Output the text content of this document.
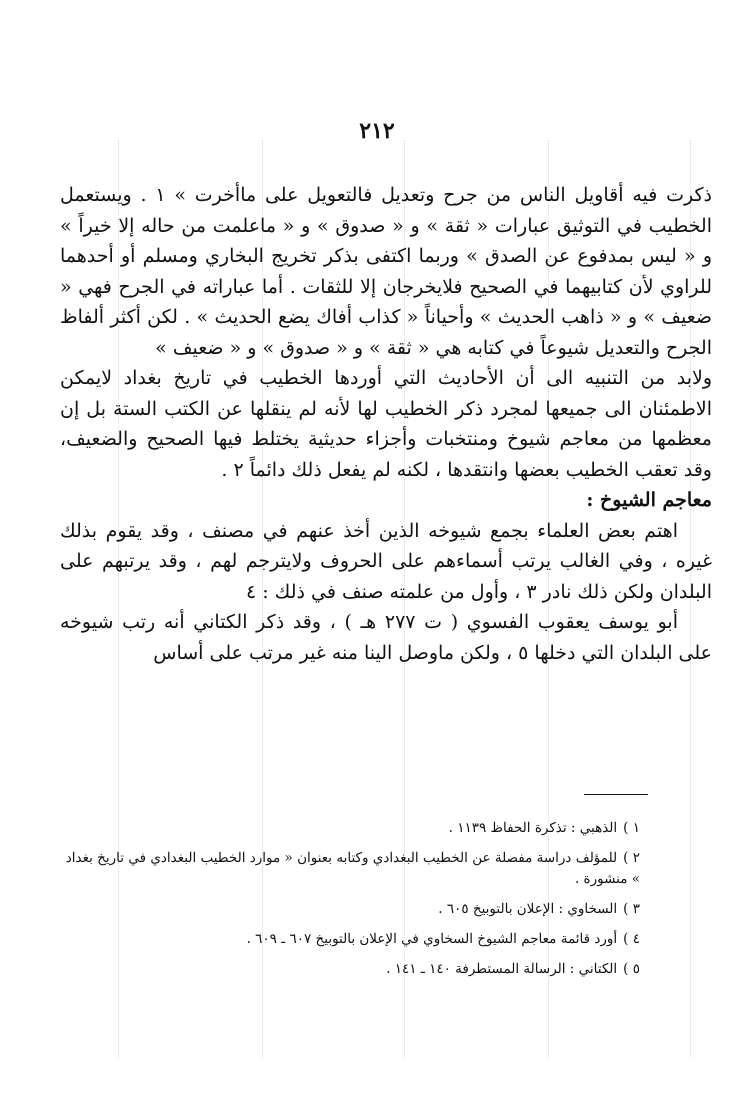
٢١٢

ذكرت فيه أقاويل الناس من جرح وتعديل فالتعويل على ماأخرت » ١ . ويستعمل الخطيب في التوثيق عبارات « ثقة » و « صدوق » و « ماعلمت من حاله إلا خيراً » و « ليس بمدفوع عن الصدق » وربما اكتفى بذكر تخريج البخاري ومسلم أو أحدهما للراوي لأن كتابيهما في الصحيح فلايخرجان إلا للثقات . أما عباراته في الجرح فهي « ضعيف » و « ذاهب الحديث » وأحياناً « كذاب أفاك يضع الحديث » . لكن أكثر ألفاظ الجرح والتعديل شيوعاً في كتابه هي « ثقة » و « صدوق » و « ضعيف »

ولابد من التنبيه الى أن الأحاديث التي أوردها الخطيب في تاريخ بغداد لايمكن الاطمئنان الى جميعها لمجرد ذكر الخطيب لها لأنه لم ينقلها عن الكتب الستة بل إن معظمها من معاجم شيوخ ومنتخبات وأجزاء حديثية يختلط فيها الصحيح والضعيف، وقد تعقب الخطيب بعضها وانتقدها ، لكنه لم يفعل ذلك دائماً ٢ .

معاجم الشيوخ :

اهتم بعض العلماء بجمع شيوخه الذين أخذ عنهم في مصنف ، وقد يقوم بذلك غيره ، وفي الغالب يرتب أسماءهم على الحروف ولايترجم لهم ، وقد يرتبهم على البلدان ولكن ذلك نادر ٣ ، وأول من علمته صنف في ذلك : ٤

أبو يوسف يعقوب الفسوي ( ت ٢٧٧ هـ ) ، وقد ذكر الكتاني أنه رتب شيوخه على البلدان التي دخلها ٥ ، ولكن ماوصل الينا منه غير مرتب على أساس

١ )الذهبي : تذكرة الحفاظ ١١٣٩ .

٢ )للمؤلف دراسة مفصلة عن الخطيب البغدادي وكتابه بعنوان « موارد الخطيب البغدادي في تاريخ بغداد » منشورة .

٣ )السخاوي : الإعلان بالتوبيخ ٦٠٥ .

٤ )أورد قائمة معاجم الشيوخ السخاوي في الإعلان بالتوبيخ ٦٠٧ ـ ٦٠٩ .

٥ )الكتاني : الرسالة المستطرفة ١٤٠ ـ ١٤١ .
